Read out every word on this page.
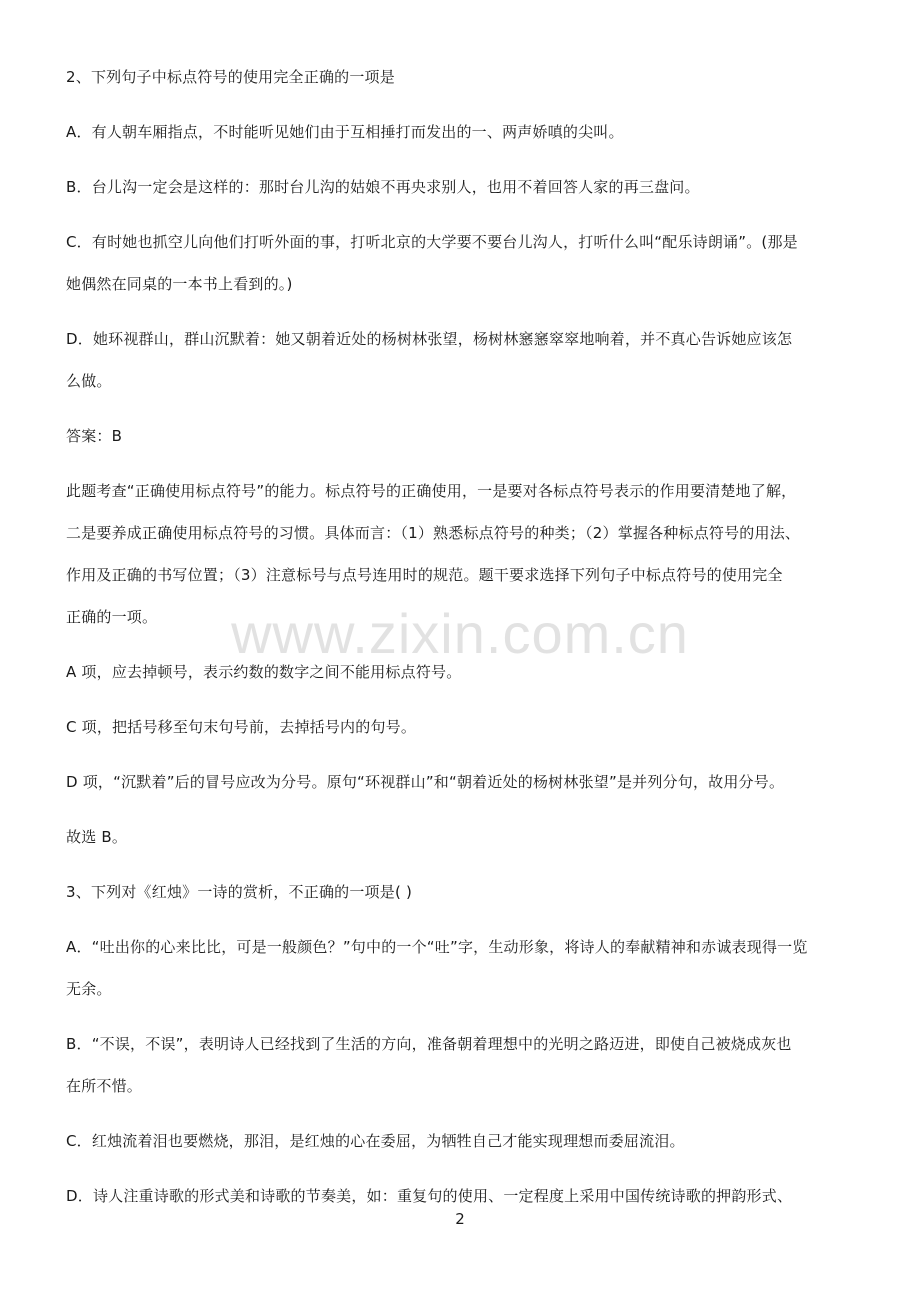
2、下列句子中标点符号的使用完全正确的一项是
A．有人朝车厢指点，不时能听见她们由于互相捶打而发出的一、两声娇嗔的尖叫。
B．台儿沟一定会是这样的：那时台儿沟的姑娘不再央求别人，也用不着回答人家的再三盘问。
C．有时她也抓空儿向他们打听外面的事，打听北京的大学要不要台儿沟人，打听什么叫“配乐诗朗诵”。(那是
她偶然在同桌的一本书上看到的。)
D．她环视群山，群山沉默着：她又朝着近处的杨树林张望，杨树林窸窸窣窣地响着，并不真心告诉她应该怎
么做。
答案：B
此题考查“正确使用标点符号”的能力。标点符号的正确使用，一是要对各标点符号表示的作用要清楚地了解，
二是要养成正确使用标点符号的习惯。具体而言：（1）熟悉标点符号的种类；（2）掌握各种标点符号的用法、
作用及正确的书写位置；（3）注意标号与点号连用时的规范。题干要求选择下列句子中标点符号的使用完全
正确的一项。
A 项，应去掉顿号，表示约数的数字之间不能用标点符号。
C 项，把括号移至句末句号前，去掉括号内的句号。
D 项，“沉默着”后的冒号应改为分号。原句“环视群山”和“朝着近处的杨树林张望”是并列分句，故用分号。
故选 B。
3、下列对《红烛》一诗的赏析，不正确的一项是( )
A．“吐出你的心来比比，可是一般颜色？”句中的一个“吐”字，生动形象，将诗人的奉献精神和赤诚表现得一览
无余。
B．“不误，不误”，表明诗人已经找到了生活的方向，准备朝着理想中的光明之路迈进，即使自己被烧成灰也
在所不惜。
C．红烛流着泪也要燃烧，那泪，是红烛的心在委屈，为牺牲自己才能实现理想而委屈流泪。
D．诗人注重诗歌的形式美和诗歌的节奏美，如：重复句的使用、一定程度上采用中国传统诗歌的押韵形式、
www.zixin.com.cn
2
